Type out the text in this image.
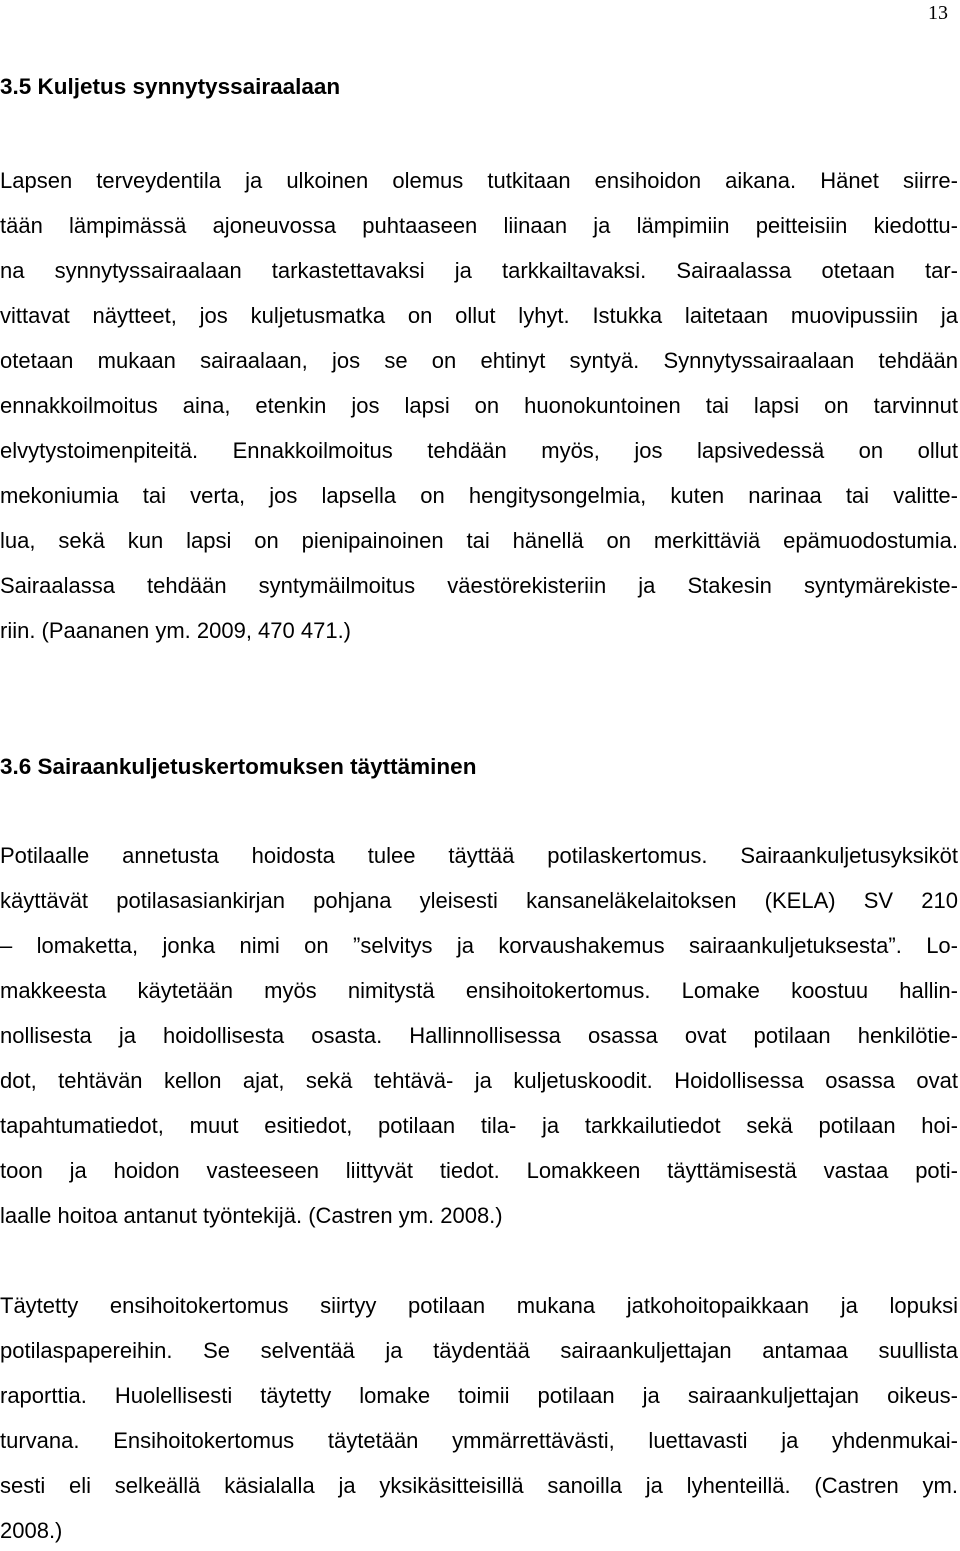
13
3.5 Kuljetus synnytyssairaalaan
Lapsen terveydentila ja ulkoinen olemus tutkitaan ensihoidon aikana. Hänet siirre-
tään lämpimässä ajoneuvossa puhtaaseen liinaan ja lämpimiin peitteisiin kiedottu-
na synnytyssairaalaan tarkastettavaksi ja tarkkailtavaksi. Sairaalassa otetaan tar-
vittavat näytteet, jos kuljetusmatka on ollut lyhyt. Istukka laitetaan muovipussiin ja
otetaan mukaan sairaalaan, jos se on ehtinyt syntyä. Synnytyssairaalaan tehdään
ennakkoilmoitus aina, etenkin jos lapsi on huonokuntoinen tai lapsi on tarvinnut
elvytystoimenpiteitä. Ennakkoilmoitus tehdään myös, jos lapsivedessä on ollut
mekoniumia tai verta, jos lapsella on hengitysongelmia, kuten narinaa tai valitte-
lua, sekä kun lapsi on pienipainoinen tai hänellä on merkittäviä epämuodostumia.
Sairaalassa tehdään syntymäilmoitus väestörekisteriin ja Stakesin syntymärekiste-
riin. (Paananen ym. 2009, 470 471.)
3.6 Sairaankuljetuskertomuksen täyttäminen
Potilaalle annetusta hoidosta tulee täyttää potilaskertomus. Sairaankuljetusyksiköt
käyttävät potilasasiankirjan pohjana yleisesti kansaneläkelaitoksen (KELA) SV 210
– lomaketta, jonka nimi on ”selvitys ja korvaushakemus sairaankuljetuksesta”. Lo-
makkeesta käytetään myös nimitystä ensihoitokertomus. Lomake koostuu hallin-
nollisesta ja hoidollisesta osasta. Hallinnollisessa osassa ovat potilaan henkilötie-
dot, tehtävän kellon ajat, sekä tehtävä- ja kuljetuskoodit. Hoidollisessa osassa ovat
tapahtumatiedot, muut esitiedot, potilaan tila- ja tarkkailutiedot sekä potilaan hoi-
toon ja hoidon vasteeseen liittyvät tiedot. Lomakkeen täyttämisestä vastaa poti-
laalle hoitoa antanut työntekijä. (Castren ym. 2008.)
Täytetty ensihoitokertomus siirtyy potilaan mukana jatkohoitopaikkaan ja lopuksi
potilaspapereihin. Se selventää ja täydentää sairaankuljettajan antamaa suullista
raporttia. Huolellisesti täytetty lomake toimii potilaan ja sairaankuljettajan oikeus-
turvana. Ensihoitokertomus täytetään ymmärrettävästi, luettavasti ja yhdenmukai-
sesti eli selkeällä käsialalla ja yksikäsitteisillä sanoilla ja lyhenteillä. (Castren ym.
2008.)
